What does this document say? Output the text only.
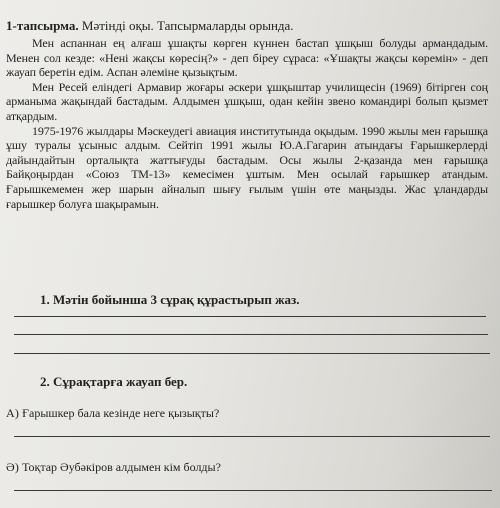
1-тапсырма. Мәтінді оқы. Тапсырмаларды орында.

Мен аспаннан ең алғаш ұшақты көрген күннен бастап ұшқыш болуды армандадым. Менен сол кезде: «Нені жақсы көресің?» - деп біреу сұраса: «Ұшақты жақсы көремін» - деп жауап беретін едім. Аспан әлеміне қызықтым.

Мен Ресей еліндегі Армавир жоғары әскери ұшқыштар училищесін (1969) бітірген соң арманыма жақындай бастадым. Алдымен ұшқыш, одан кейін звено командирі болып қызмет атқардым.

1975-1976 жылдары Мәскеудегі авиация институтында оқыдым. 1990 жылы мен ғарышқа ұшу туралы ұсыныс алдым. Сейтіп 1991 жылы Ю.А.Гагарин атындағы Ғарышкерлерді дайындайтын орталықта жаттығуды бастадым. Осы жылы 2-қазанда мен ғарышқа Байқоңырдан «Союз ТМ-13» кемесімен ұштым. Мен осылай ғарышкер атандым. Ғарышкемемен жер шарын айналып шығу ғылым үшін өте маңызды. Жас ұландарды ғарышкер болуға шақырамын.

1. Мәтін бойынша 3 сұрақ құрастырып жаз.
2. Сұрақтарға жауап бер.
А) Ғарышкер бала кезінде неге қызықты?
Ә) Тоқтар Әубәкіров алдымен кім болды?
